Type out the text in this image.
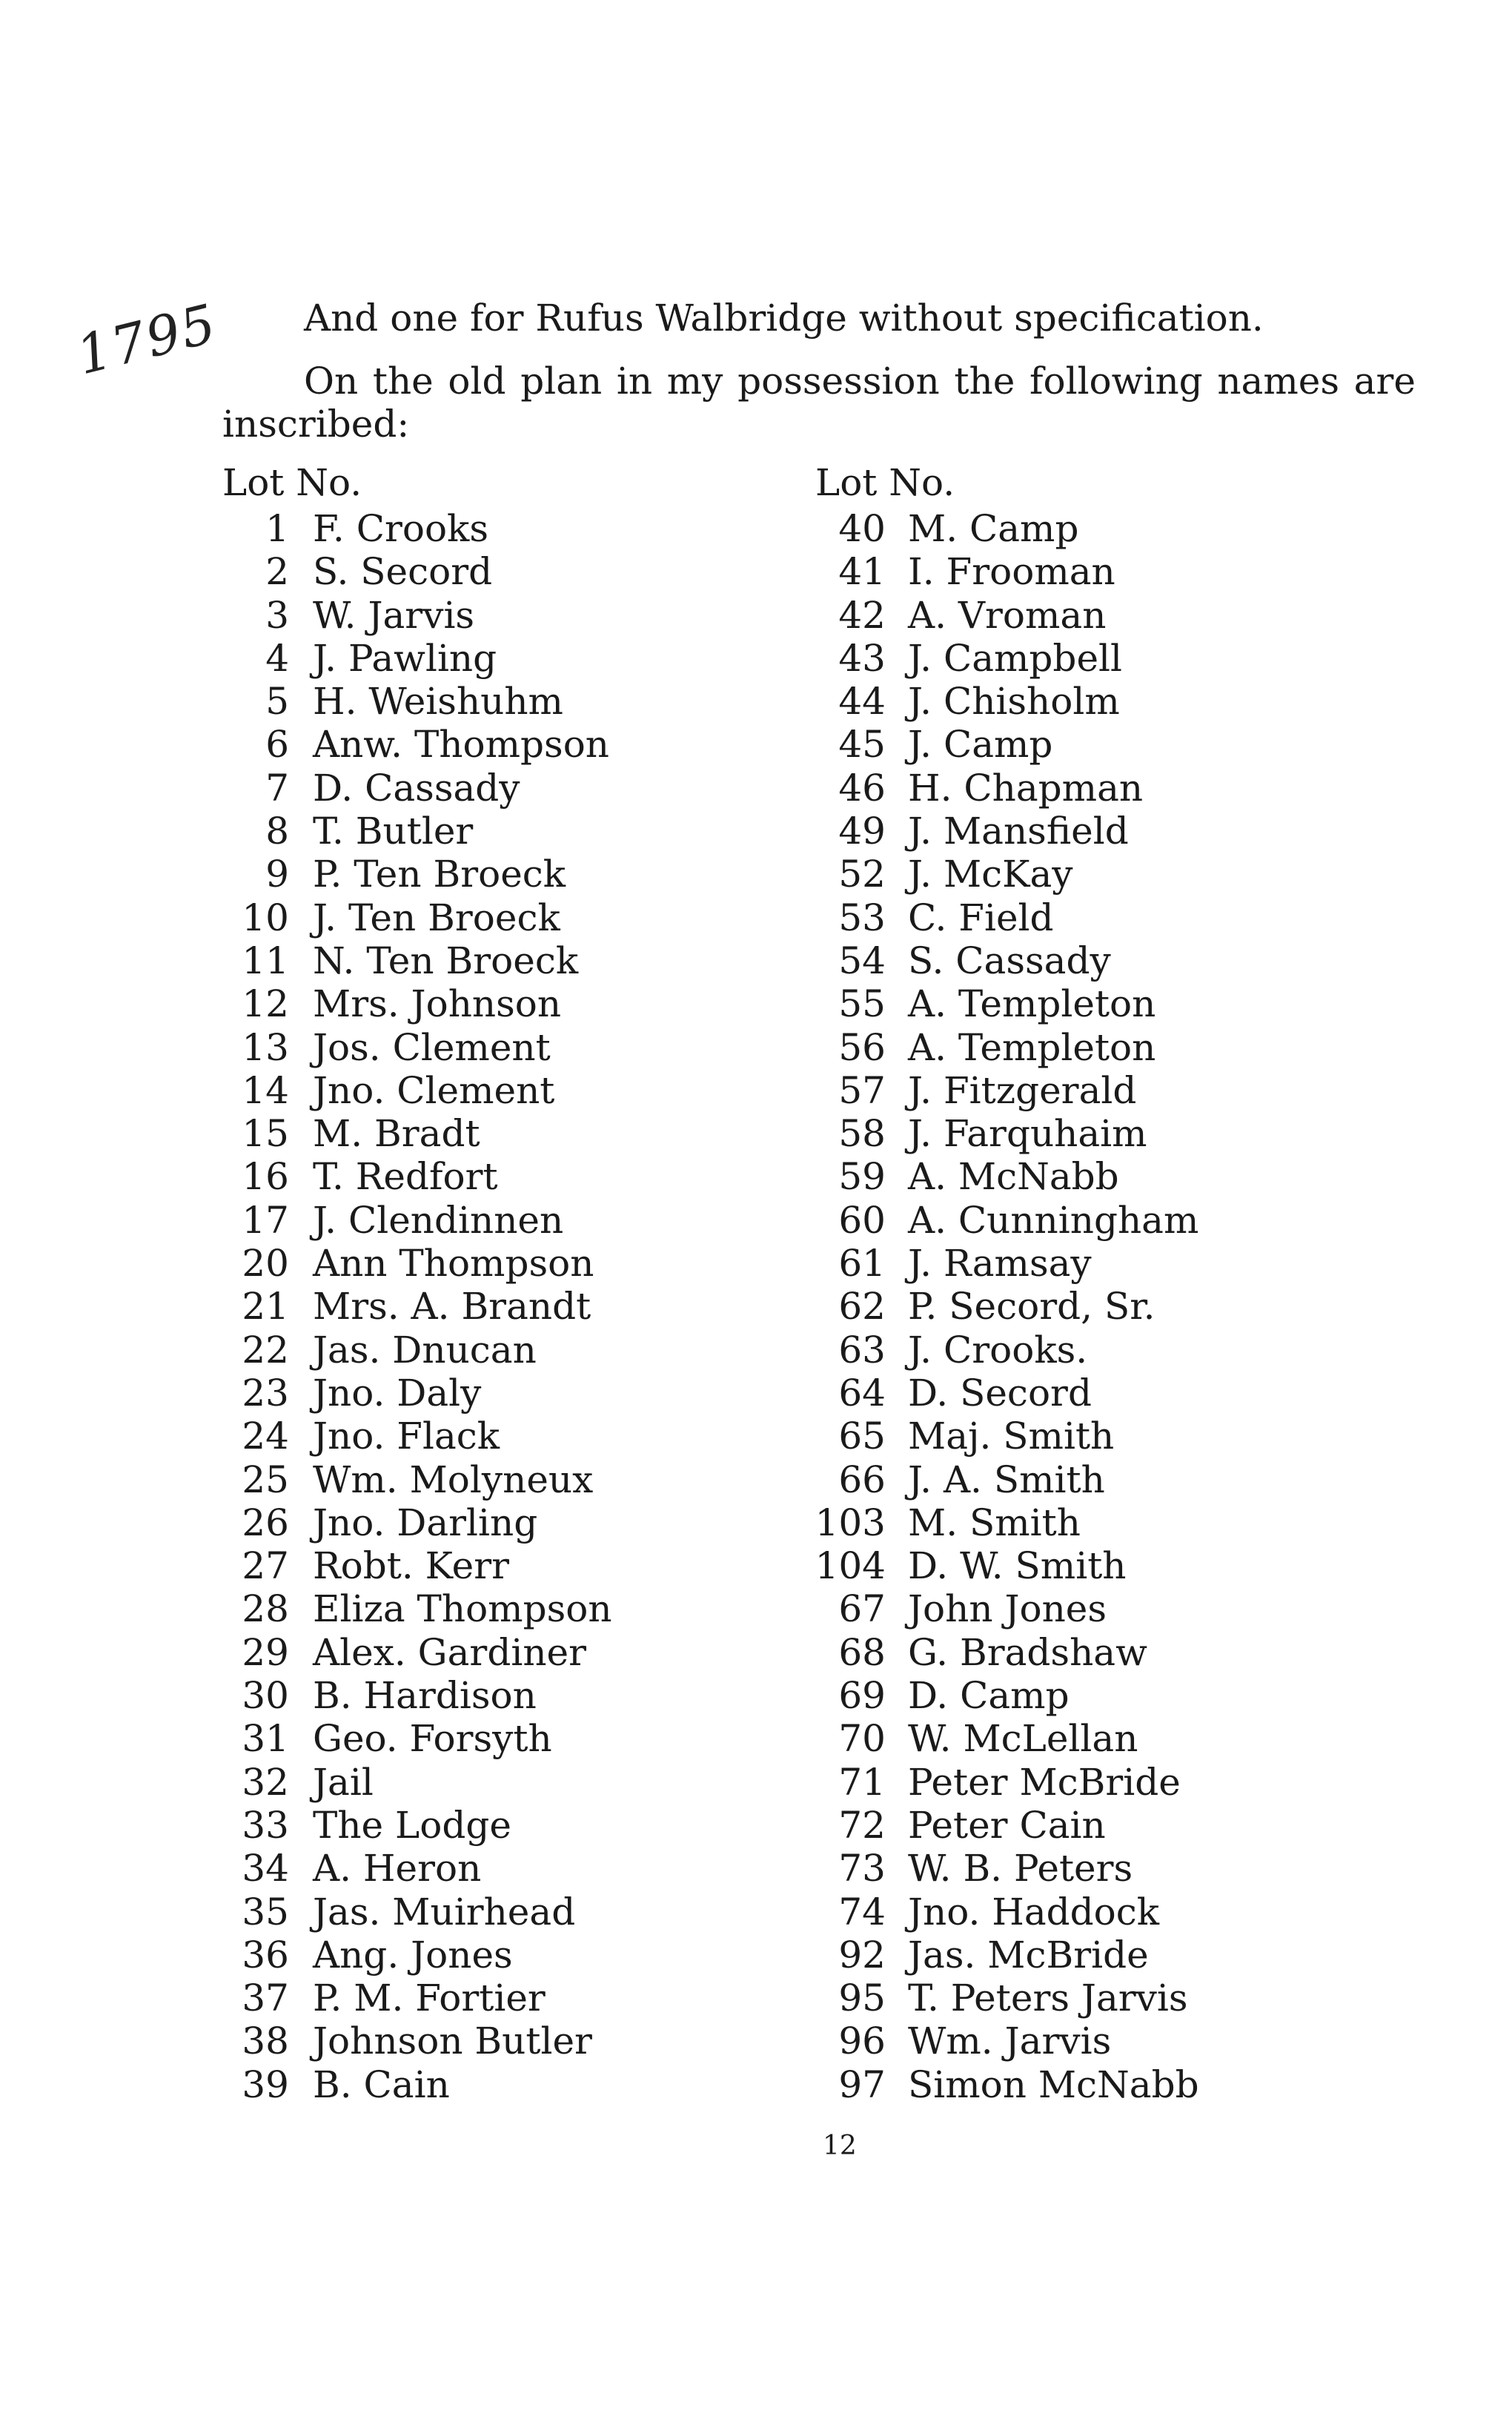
1795 And one for Rufus Walbridge without specification.

On the old plan in my possession the following names are inscribed:

Lot No.	Lot No.
1 F. Crooks
2 S. Secord
3 W. Jarvis
4 J. Pawling
5 H. Weishuhm
6 Anw. Thompson
7 D. Cassady
8 T. Butler
9 P. Ten Broeck
10 J. Ten Broeck
11 N. Ten Broeck
12 Mrs. Johnson
13 Jos. Clement
14 Jno. Clement
15 M. Bradt
16 T. Redfort
17 J. Clendinnen
20 Ann Thompson
21 Mrs. A. Brandt
22 Jas. Dnucan
23 Jno. Daly
24 Jno. Flack
25 Wm. Molyneux
26 Jno. Darling
27 Robt. Kerr
28 Eliza Thompson
29 Alex. Gardiner
30 B. Hardison
31 Geo. Forsyth
32 Jail
33 The Lodge
34 A. Heron
35 Jas. Muirhead
36 Ang. Jones
37 P. M. Fortier
38 Johnson Butler
39 B. Cain
40 M. Camp
41 I. Frooman
42 A. Vroman
43 J. Campbell
44 J. Chisholm
45 J. Camp
46 H. Chapman
49 J. Mansfield
52 J. McKay
53 C. Field
54 S. Cassady
55 A. Templeton
56 A. Templeton
57 J. Fitzgerald
58 J. Farquhaim
59 A. McNabb
60 A. Cunningham
61 J. Ramsay
62 P. Secord, Sr.
63 J. Crooks.
64 D. Secord
65 Maj. Smith
66 J. A. Smith
103 M. Smith
104 D. W. Smith
67 John Jones
68 G. Bradshaw
69 D. Camp
70 W. McLellan
71 Peter McBride
72 Peter Cain
73 W. B. Peters
74 Jno. Haddock
92 Jas. McBride
95 T. Peters Jarvis
96 Wm. Jarvis
97 Simon McNabb
12
